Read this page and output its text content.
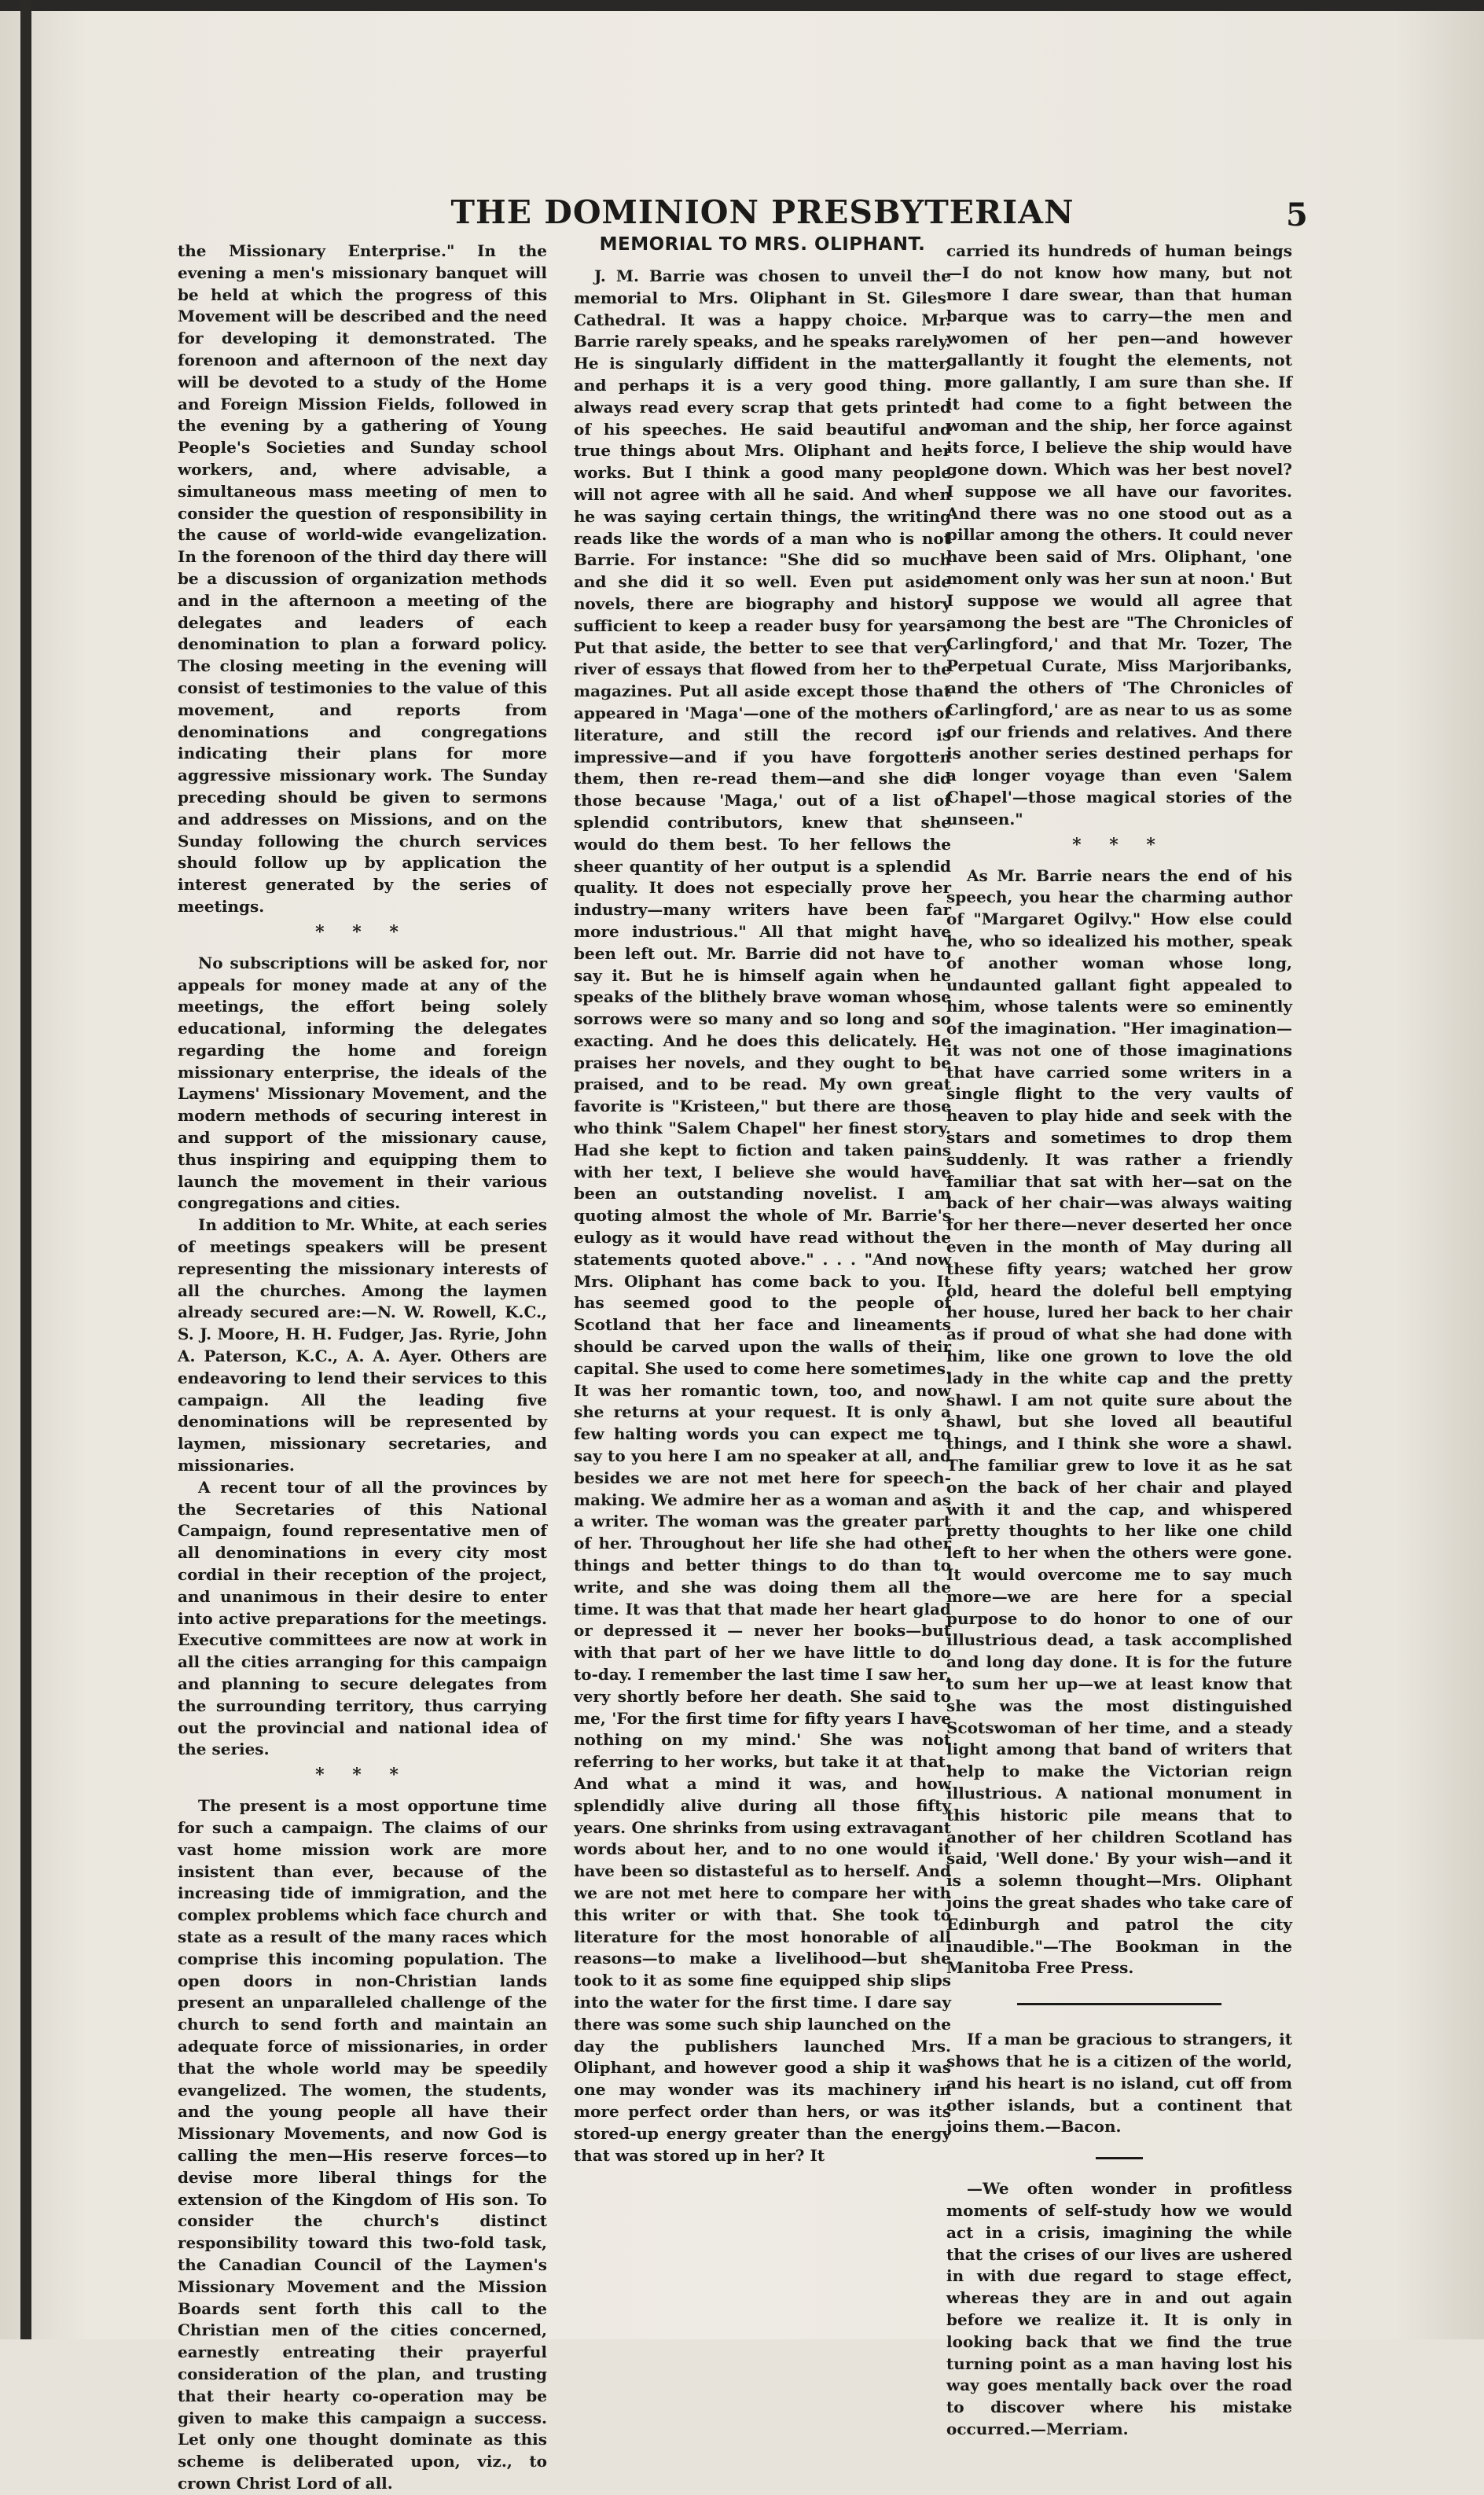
THE DOMINION PRESBYTERIAN	5

the Missionary Enterprise." In the evening a men's missionary banquet will be held at which the progress of this Movement will be described and the need for developing it demonstrated. The forenoon and afternoon of the next day will be devoted to a study of the Home and Foreign Mission Fields, followed in the evening by a gathering of Young People's Societies and Sunday school workers, and, where advisable, a simultaneous mass meeting of men to consider the question of responsibility in the cause of world-wide evangelization. In the forenoon of the third day there will be a discussion of organization methods and in the afternoon a meeting of the delegates and leaders of each denomination to plan a forward policy. The closing meeting in the evening will consist of testimonies to the value of this movement, and reports from denominations and congregations indicating their plans for more aggressive missionary work. The Sunday preceding should be given to sermons and addresses on Missions, and on the Sunday following the church services should follow up by application the interest generated by the series of meetings.

* * *

No subscriptions will be asked for, nor appeals for money made at any of the meetings, the effort being solely educational, informing the delegates regarding the home and foreign missionary enterprise, the ideals of the Laymens' Missionary Movement, and the modern methods of securing interest in and support of the missionary cause, thus inspiring and equipping them to launch the movement in their various congregations and cities.

In addition to Mr. White, at each series of meetings speakers will be present representing the missionary interests of all the churches. Among the laymen already secured are:—N. W. Rowell, K.C., S. J. Moore, H. H. Fudger, Jas. Ryrie, John A. Paterson, K.C., A. A. Ayer. Others are endeavoring to lend their services to this campaign. All the leading five denominations will be represented by laymen, missionary secretaries, and missionaries.

A recent tour of all the provinces by the Secretaries of this National Campaign, found representative men of all denominations in every city most cordial in their reception of the project, and unanimous in their desire to enter into active preparations for the meetings. Executive committees are now at work in all the cities arranging for this campaign and planning to secure delegates from the surrounding territory, thus carrying out the provincial and national idea of the series.

* * *

The present is a most opportune time for such a campaign. The claims of our vast home mission work are more insistent than ever, because of the increasing tide of immigration, and the complex problems which face church and state as a result of the many races which comprise this incoming population. The open doors in non-Christian lands present an unparalleled challenge of the church to send forth and maintain an adequate force of missionaries, in order that the whole world may be speedily evangelized. The women, the students, and the young people all have their Missionary Movements, and now God is calling the men—His reserve forces—to devise more liberal things for the extension of the Kingdom of His son. To consider the church's distinct responsibility toward this two-fold task, the Canadian Council of the Laymen's Missionary Movement and the Mission Boards sent forth this call to the Christian men of the cities concerned, earnestly entreating their prayerful consideration of the plan, and trusting that their hearty co-operation may be given to make this campaign a success. Let only one thought dominate as this scheme is deliberated upon, viz., to crown Christ Lord of all.

MEMORIAL TO MRS. OLIPHANT.

J. M. Barrie was chosen to unveil the memorial to Mrs. Oliphant in St. Giles' Cathedral. It was a happy choice. Mr. Barrie rarely speaks, and he speaks rarely. He is singularly diffident in the matter, and perhaps it is a very good thing. I always read every scrap that gets printed of his speeches. He said beautiful and true things about Mrs. Oliphant and her works. But I think a good many people will not agree with all he said. And when he was saying certain things, the writing reads like the words of a man who is not Barrie. For instance: "She did so much and she did it so well. Even put aside novels, there are biography and history sufficient to keep a reader busy for years. Put that aside, the better to see that very river of essays that flowed from her to the magazines. Put all aside except those that appeared in 'Maga'—one of the mothers of literature, and still the record is impressive—and if you have forgotten them, then re-read them—and she did those because 'Maga,' out of a list of splendid contributors, knew that she would do them best. To her fellows the sheer quantity of her output is a splendid quality. It does not especially prove her industry—many writers have been far more industrious." All that might have been left out. Mr. Barrie did not have to say it. But he is himself again when he speaks of the blithely brave woman whose sorrows were so many and so long and so exacting. And he does this delicately. He praises her novels, and they ought to be praised, and to be read. My own great favorite is "Kristeen," but there are those who think "Salem Chapel" her finest story. Had she kept to fiction and taken pains with her text, I believe she would have been an outstanding novelist. I am quoting almost the whole of Mr. Barrie's eulogy as it would have read without the statements quoted above." . . . "And now Mrs. Oliphant has come back to you. It has seemed good to the people of Scotland that her face and lineaments should be carved upon the walls of their capital. She used to come here sometimes. It was her romantic town, too, and now she returns at your request. It is only a few halting words you can expect me to say to you here I am no speaker at all, and besides we are not met here for speech-making. We admire her as a woman and as a writer. The woman was the greater part of her. Throughout her life she had other things and better things to do than to write, and she was doing them all the time. It was that that made her heart glad or depressed it — never her books—but with that part of her we have little to do to-day. I remember the last time I saw her, very shortly before her death. She said to me, 'For the first time for fifty years I have nothing on my mind.' She was not referring to her works, but take it at that. And what a mind it was, and how splendidly alive during all those fifty years. One shrinks from using extravagant words about her, and to no one would it have been so distasteful as to herself. And we are not met here to compare her with this writer or with that. She took to literature for the most honorable of all reasons—to make a livelihood—but she took to it as some fine equipped ship slips into the water for the first time. I dare say there was some such ship launched on the day the publishers launched Mrs. Oliphant, and however good a ship it was one may wonder was its machinery in more perfect order than hers, or was its stored-up energy greater than the energy that was stored up in her? It

carried its hundreds of human beings—I do not know how many, but not more I dare swear, than that human barque was to carry—the men and women of her pen—and however gallantly it fought the elements, not more gallantly, I am sure than she. If it had come to a fight between the woman and the ship, her force against its force, I believe the ship would have gone down. Which was her best novel? I suppose we all have our favorites. And there was no one stood out as a pillar among the others. It could never have been said of Mrs. Oliphant, 'one moment only was her sun at noon.' But I suppose we would all agree that among the best are "The Chronicles of Carlingford,' and that Mr. Tozer, The Perpetual Curate, Miss Marjoribanks, and the others of 'The Chronicles of Carlingford,' are as near to us as some of our friends and relatives. And there is another series destined perhaps for a longer voyage than even 'Salem Chapel'—those magical stories of the unseen."

* * *

As Mr. Barrie nears the end of his speech, you hear the charming author of "Margaret Ogilvy." How else could he, who so idealized his mother, speak of another woman whose long, undaunted gallant fight appealed to him, whose talents were so eminently of the imagination. "Her imagination—it was not one of those imaginations that have carried some writers in a single flight to the very vaults of heaven to play hide and seek with the stars and sometimes to drop them suddenly. It was rather a friendly familiar that sat with her—sat on the back of her chair—was always waiting for her there—never deserted her once even in the month of May during all these fifty years; watched her grow old, heard the doleful bell emptying her house, lured her back to her chair as if proud of what she had done with him, like one grown to love the old lady in the white cap and the pretty shawl. I am not quite sure about the shawl, but she loved all beautiful things, and I think she wore a shawl. The familiar grew to love it as he sat on the back of her chair and played with it and the cap, and whispered pretty thoughts to her like one child left to her when the others were gone. It would overcome me to say much more—we are here for a special purpose to do honor to one of our illustrious dead, a task accomplished and long day done. It is for the future to sum her up—we at least know that she was the most distinguished Scotswoman of her time, and a steady light among that band of writers that help to make the Victorian reign illustrious. A national monument in this historic pile means that to another of her children Scotland has said, 'Well done.' By your wish—and it is a solemn thought—Mrs. Oliphant joins the great shades who take care of Edinburgh and patrol the city inaudible."—The Bookman in the Manitoba Free Press.

If a man be gracious to strangers, it shows that he is a citizen of the world, and his heart is no island, cut off from other islands, but a continent that joins them.—Bacon.

—We often wonder in profitless moments of self-study how we would act in a crisis, imagining the while that the crises of our lives are ushered in with due regard to stage effect, whereas they are in and out again before we realize it. It is only in looking back that we find the true turning point as a man having lost his way goes mentally back over the road to discover where his mistake occurred.—Merriam.
